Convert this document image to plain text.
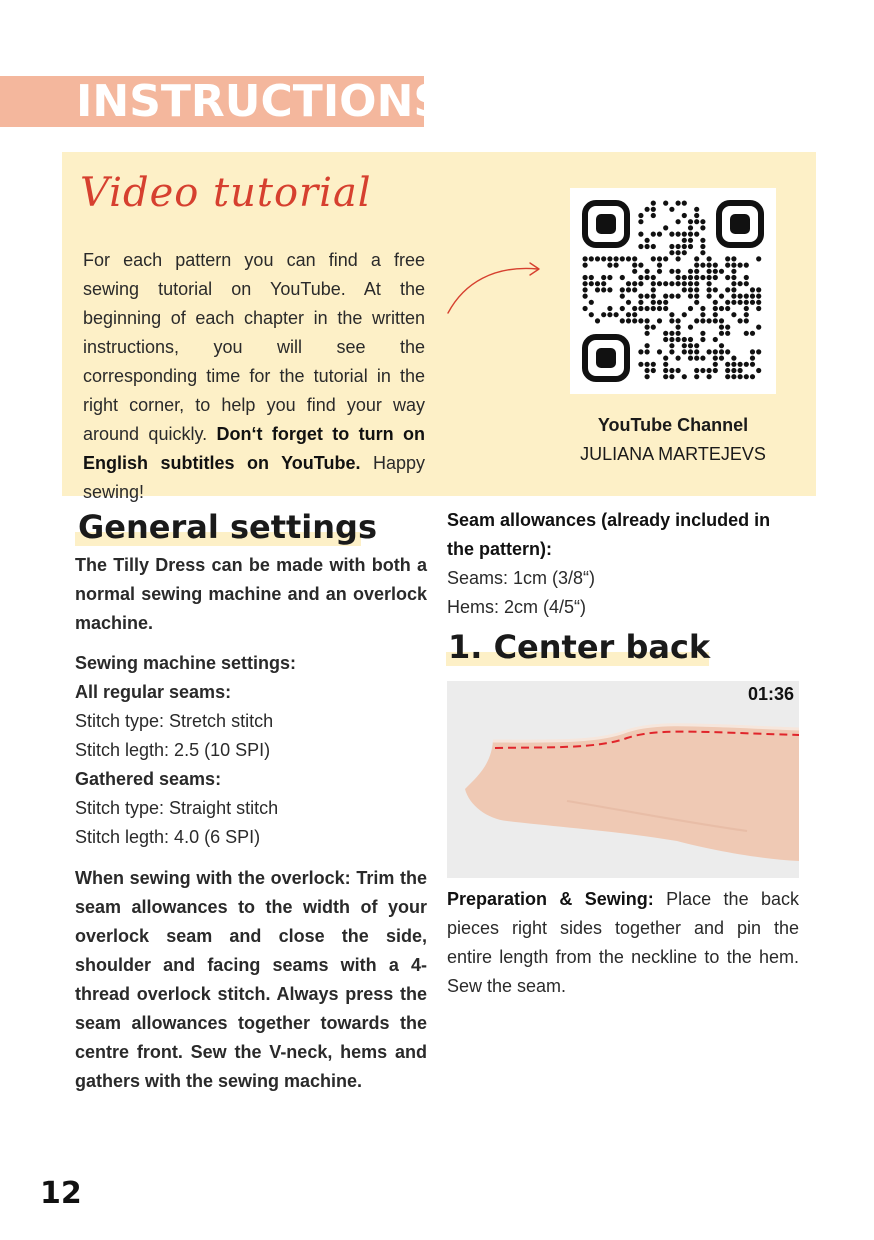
INSTRUCTIONS
Video tutorial
For each pattern you can find a free sewing tutorial on YouTube. At the beginning of each chapter in the written instructions, you will see the corresponding time for the tutorial in the right corner, to help you find your way around quickly. Don‘t forget to turn on English subtitles on YouTube. Happy sewing!
YouTube Channel
JULIANA MARTEJEVS
General settings
The Tilly Dress can be made with both a normal sewing machine and an overlock machine.
Sewing machine settings:
All regular seams:
Stitch type: Stretch stitch
Stitch legth: 2.5 (10 SPI)
Gathered seams:
Stitch type: Straight stitch
Stitch legth: 4.0 (6 SPI)
When sewing with the overlock: Trim the seam allowances to the width of your overlock seam and close the side, shoulder and facing seams with a 4-thread overlock stitch. Always press the seam allowances together towards the centre front. Sew the V-neck, hems and gathers with the sewing machine.
Seam allowances (already included in the pattern):
Seams: 1cm (3/8“)
Hems: 2cm (4/5“)
1. Center back
01:36
Preparation & Sewing: Place the back pieces right sides together and pin the entire length from the neckline to the hem. Sew the seam.
12
